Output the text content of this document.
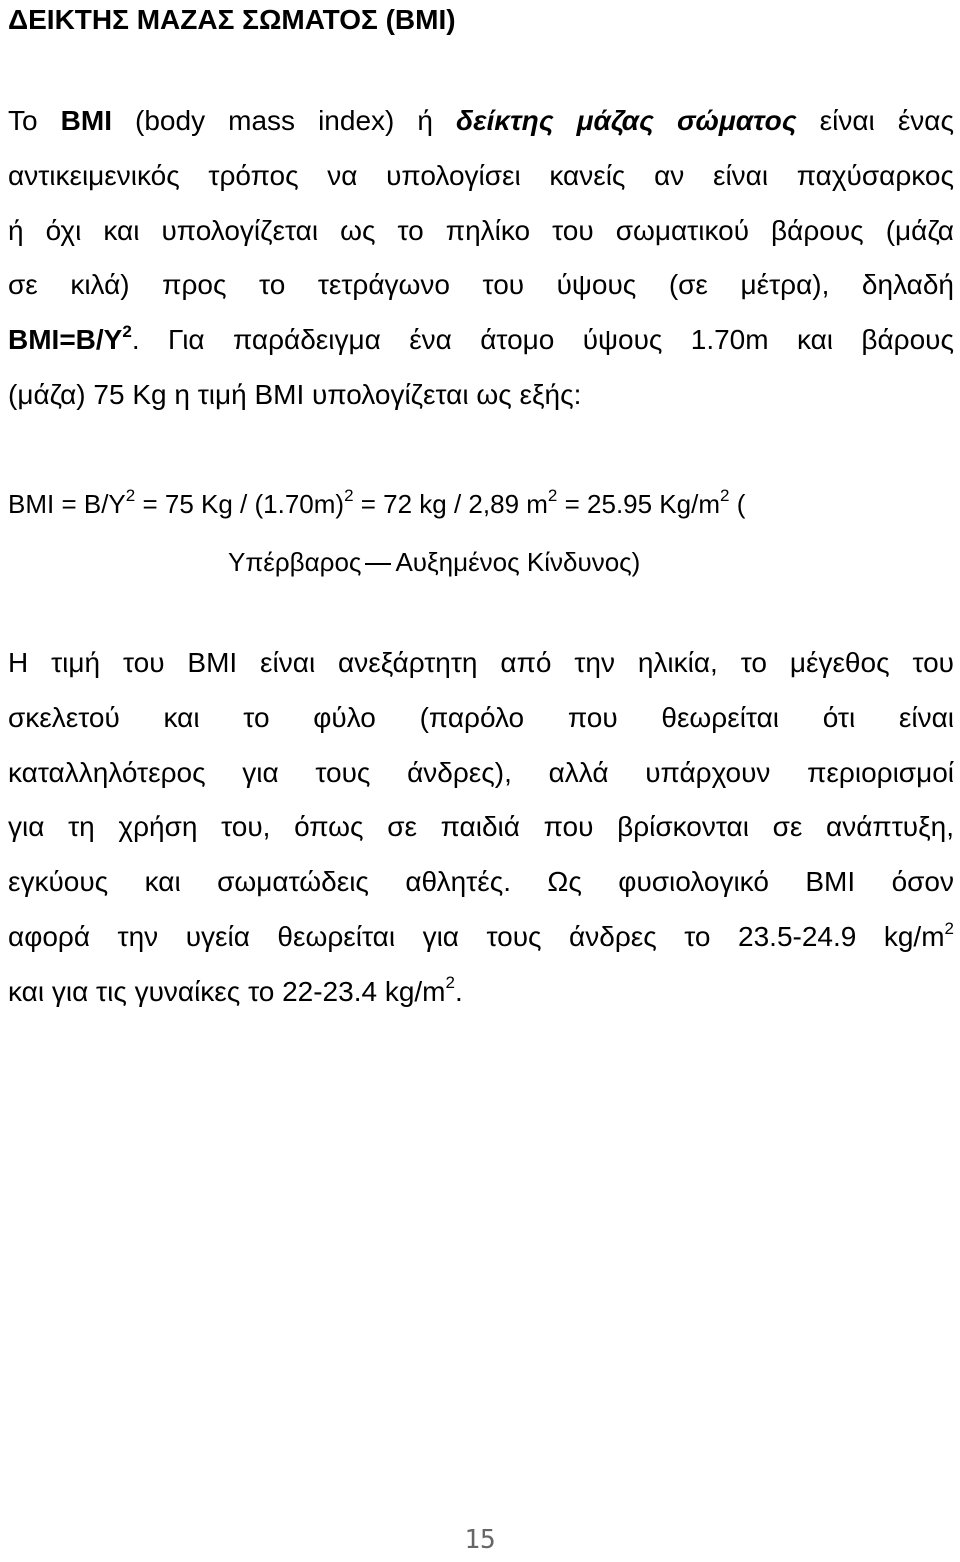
ΔΕΙΚΤΗΣ ΜΑΖΑΣ ΣΩΜΑΤΟΣ (BMI)
Το BMI (body mass index) ή δείκτης μάζας σώματος είναι ένας
αντικειμενικός τρόπος να υπολογίσει κανείς αν είναι παχύσαρκος
ή όχι και υπολογίζεται ως το πηλίκο του σωματικού βάρους (μάζα
σε κιλά) προς το τετράγωνο του ύψους (σε μέτρα), δηλαδή
$BMI=B/Y^2$. Για παράδειγμα ένα άτομο ύψους 1.70m και βάρους
(μάζα) 75 Kg η τιμή BMI υπολογίζεται ως εξής:
BMI = $B/Y^2 = 75$ $Kg / (1.70m)^2 = 72$ kg / 2,89 $m^2 = 25.95$ $Kg/m^2$ (
Υπέρβαρος Αυξημένος Κίνδυνος)
Η τιμή του BMI είναι ανεξάρτητη από την ηλικία, το μέγεθος του
σκελετού και το φύλο (παρόλο που θεωρείται ότι είναι
καταλληλότερος για τους άνδρες), αλλά υπάρχουν περιορισμοί
για τη χρήση του, όπως σε παιδιά που βρίσκονται σε ανάπτυξη,
εγκύους και σωματώδεις αθλητές. Ως φυσιολογικό BMI όσον
αφορά την υγεία θεωρείται για τους άνδρες το 23.5-24.9 $kg/m^2$
και για τις γυναίκες το 22-23.4 $kg/m^2$.
15
